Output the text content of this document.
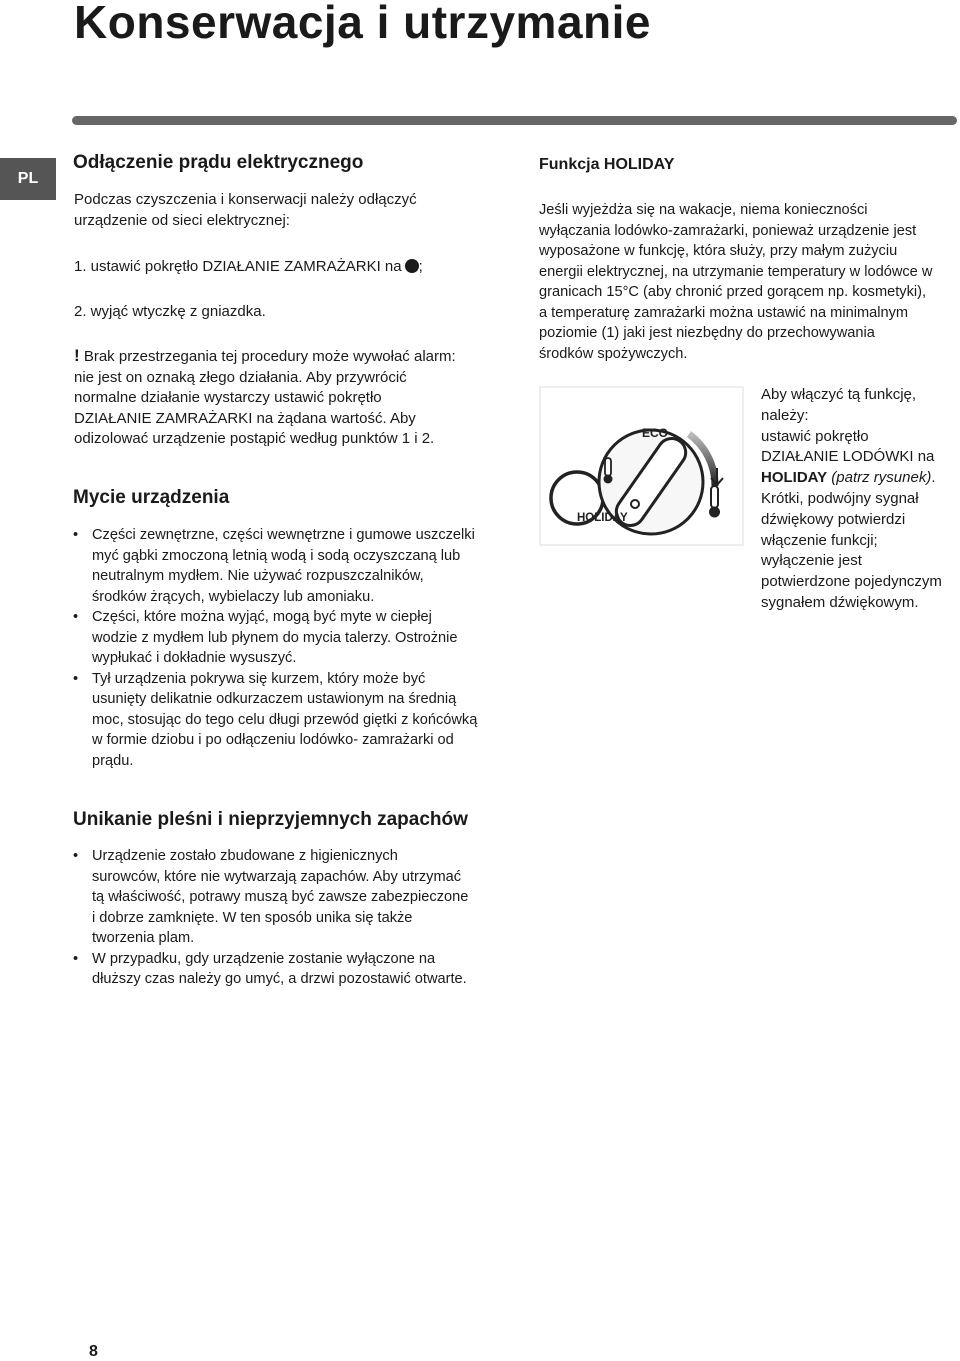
Konserwacja i utrzymanie
PL
Odłączenie prądu elektrycznego
Podczas czyszczenia i konserwacji należy odłączyć
urządzenie od sieci elektrycznej:
1. ustawić pokrętło DZIAŁANIE ZAMRAŻARKI na ;
2. wyjąć wtyczkę z gniazdka.
! Brak przestrzegania tej procedury może wywołać alarm:
nie jest on oznaką złego działania. Aby przywrócić
normalne działanie wystarczy ustawić pokrętło
DZIAŁANIE ZAMRAŻARKI na żądana wartość. Aby
odizolować urządzenie postąpić według punktów 1 i 2.
Mycie urządzenia
• Części zewnętrzne, części wewnętrzne i gumowe uszczelki
myć gąbki zmoczoną letnią wodą i sodą oczyszczaną lub
neutralnym mydłem. Nie używać rozpuszczalników,
środków żrących, wybielaczy lub amoniaku.
• Części, które można wyjąć, mogą być myte w ciepłej
wodzie z mydłem lub płynem do mycia talerzy. Ostrożnie
wypłukać i dokładnie wysuszyć.
• Tył urządzenia pokrywa się kurzem, który może być
usunięty delikatnie odkurzaczem ustawionym na średnią
moc, stosując do tego celu długi przewód giętki z końcówką
w formie dziobu i po odłączeniu lodówko- zamrażarki od
prądu.
Unikanie pleśni i nieprzyjemnych zapachów
• Urządzenie zostało zbudowane z higienicznych
surowców, które nie wytwarzają zapachów. Aby utrzymać
tą właściwość, potrawy muszą być zawsze zabezpieczone
i dobrze zamknięte. W ten sposób unika się także
tworzenia plam.
• W przypadku, gdy urządzenie zostanie wyłączone na
dłuższy czas należy go umyć, a drzwi pozostawić otwarte.
Funkcja HOLIDAY
Jeśli wyjeżdża się na wakacje, niema konieczności
wyłączania lodówko-zamrażarki, ponieważ urządzenie jest
wyposażone w funkcję, która służy, przy małym zużyciu
energii elektrycznej, na utrzymanie temperatury w lodówce w
granicach 15°C (aby chronić przed gorącem np. kosmetyki),
a temperaturę zamrażarki można ustawić na minimalnym
poziomie (1) jaki jest niezbędny do przechowywania
środków spożywczych.
ECO
HOLIDAY
Aby włączyć tą funkcję,
należy:
ustawić pokrętło
DZIAŁANIE LODÓWKI na
HOLIDAY (patrz rysunek).
Krótki, podwójny sygnał
dźwiękowy potwierdzi
włączenie funkcji;
wyłączenie jest
potwierdzone pojedynczym
sygnałem dźwiękowym.
8
